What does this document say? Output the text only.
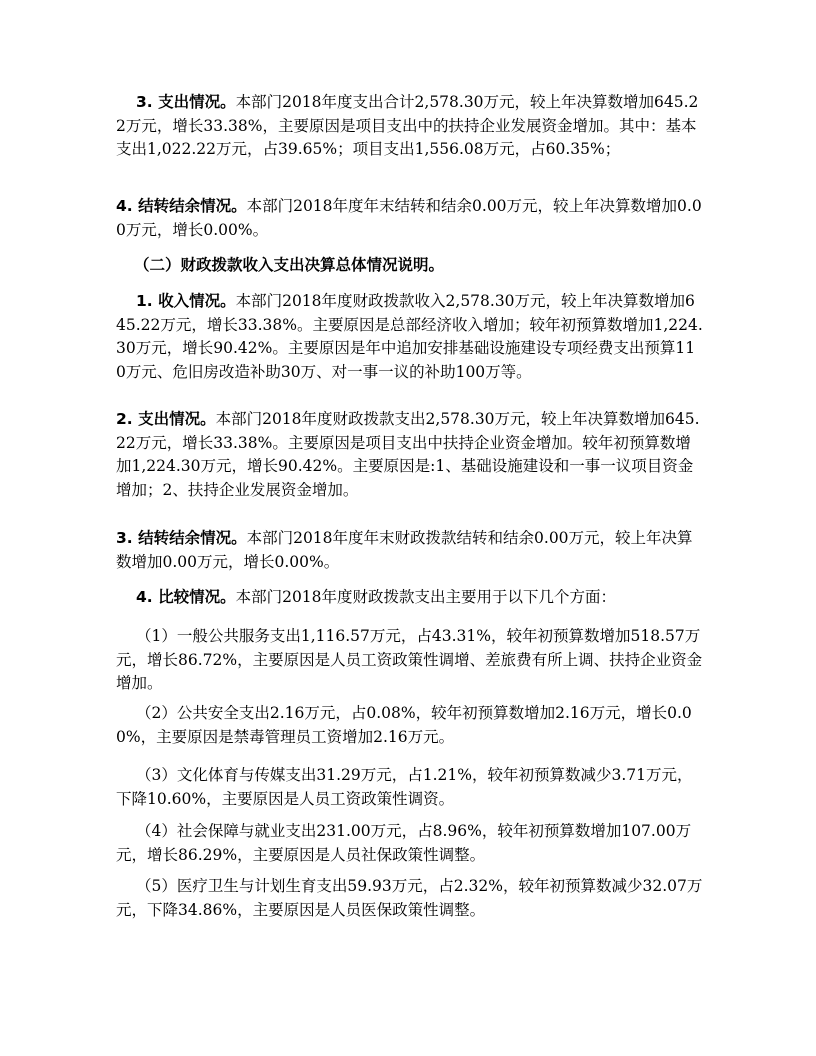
3. 支出情况。本部门2018年度支出合计2,578.30万元，较上年决算数增加645.22万元，增长33.38%，主要原因是项目支出中的扶持企业发展资金增加。其中：基本支出1,022.22万元，占39.65%；项目支出1,556.08万元，占60.35%；

4. 结转结余情况。本部门2018年度年末结转和结余0.00万元，较上年决算数增加0.00万元，增长0.00%。

（二）财政拨款收入支出决算总体情况说明。

1. 收入情况。本部门2018年度财政拨款收入2,578.30万元，较上年决算数增加645.22万元，增长33.38%。主要原因是总部经济收入增加；较年初预算数增加1,224.30万元，增长90.42%。主要原因是年中追加安排基础设施建设专项经费支出预算110万元、危旧房改造补助30万、对一事一议的补助100万等。

2. 支出情况。本部门2018年度财政拨款支出2,578.30万元，较上年决算数增加645.22万元，增长33.38%。主要原因是项目支出中扶持企业资金增加。较年初预算数增加1,224.30万元，增长90.42%。主要原因是:1、基础设施建设和一事一议项目资金增加；2、扶持企业发展资金增加。

3. 结转结余情况。本部门2018年度年末财政拨款结转和结余0.00万元，较上年决算数增加0.00万元，增长0.00%。

4. 比较情况。本部门2018年度财政拨款支出主要用于以下几个方面：

（1）一般公共服务支出1,116.57万元，占43.31%，较年初预算数增加518.57万元，增长86.72%，主要原因是人员工资政策性调增、差旅费有所上调、扶持企业资金增加。

（2）公共安全支出2.16万元，占0.08%，较年初预算数增加2.16万元，增长0.00%，主要原因是禁毒管理员工资增加2.16万元。

（3）文化体育与传媒支出31.29万元，占1.21%，较年初预算数减少3.71万元，下降10.60%，主要原因是人员工资政策性调资。

（4）社会保障与就业支出231.00万元，占8.96%，较年初预算数增加107.00万元，增长86.29%，主要原因是人员社保政策性调整。

（5）医疗卫生与计划生育支出59.93万元，占2.32%，较年初预算数减少32.07万元，下降34.86%，主要原因是人员医保政策性调整。
